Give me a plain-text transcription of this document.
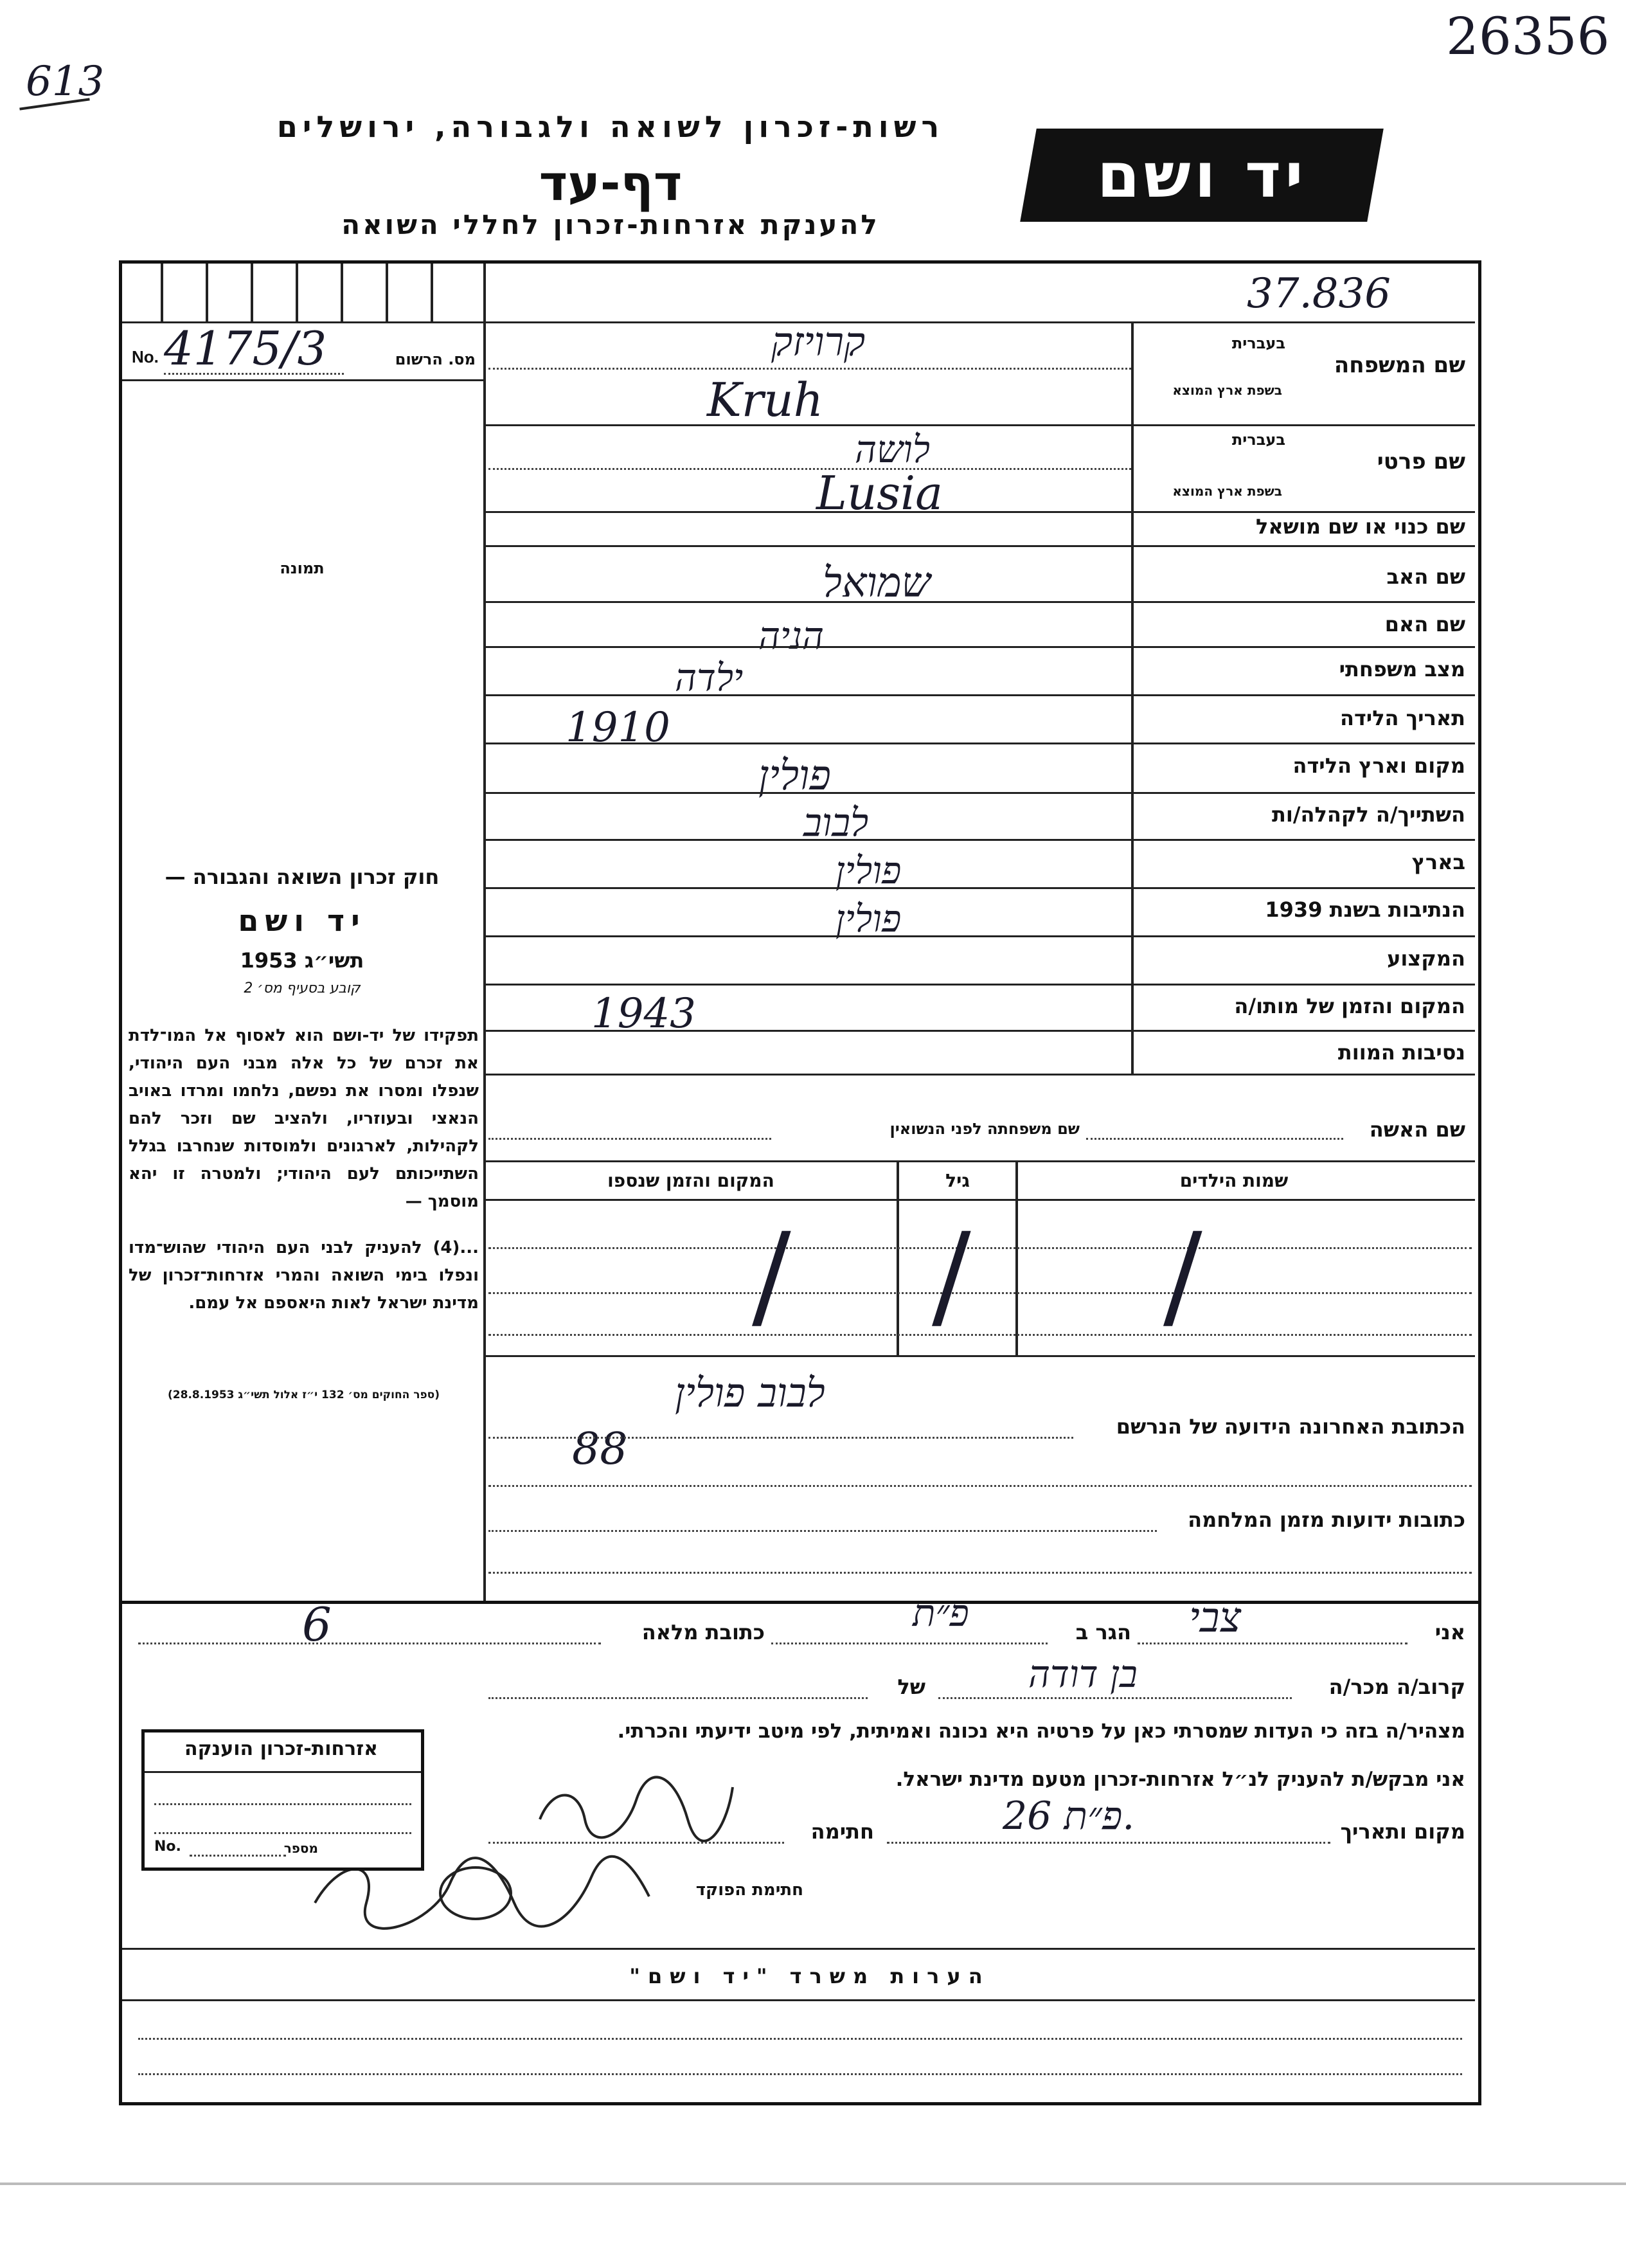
26356
613
רשות-זכרון לשואה ולגבורה, ירושלים
דף-עד
להענקת אזרחות-זכרון לחללי השואה
יד ושם
37.836
No. 4175/3	מס. הרשום
תמונה
שם המשפחה
בעברית
בשפת ארץ המוצא
קרויזק
Kruh
שם פרטי
בעברית
בשפת ארץ המוצא
לושה
Lusia
שם כנוי או שם מושאל
שם האב
שמואל
שם האם
הניה
מצב משפחתי
ילדה
תאריך הלידה
1910
מקום וארץ הלידה
פולין
השתייך/ה לקהלה/ות
לבוב
בארץ
פולין
הנתיבות בשנת 1939
פולין
המקצוע
המקום והזמן של מותו/ה
1943
נסיבות המוות
חוק זכרון השואה והגבורה —
יד ושם
תשי״ג 1953
קובע בסעיף מס׳ 2
תפקידו של יד-ושם הוא לאסוף אל המו־לדת את זכרם של כל אלה מבני העם היהודי, שנפלו ומסרו את נפשם, נלחמו ומרדו באויב הנאצי ובעוזריו, ולהציב שם וזכר להם לקהילות, לארגונים ולמוסדות שנחרבו בגלל השתייכותם לעם היהודי; ולמטרה זו יהא מוסמך —
...(4) להעניק לבני העם היהודי שהוש־מדו ונפלו בימי השואה והמרי אזרחות־זכרון של מדינת ישראל לאות היאספם אל עמם.
(ספר החוקים מס׳ 132 י״ז אלול תשי״ג 28.8.1953)
שם האשה
שם משפחתה לפני הנשואין
שמות הילדים
גיל
המקום והזמן שנספו
/
/
/
הכתובת האחרונה הידועה של הנרשם
לבוב פולין
88
כתובות ידועות מזמן המלחמה
אני
צבי
הגר ב
פ״ת
כתובת מלאה
6
קרוב/ה מכר/ה
בן דודה
של
מצהיר/ה בזה כי העדות שמסרתי כאן על פרטיה היא נכונה ואמיתית, לפי מיטב ידיעתי והכרתי.
אני מבקש/ת להעניק לנ״ל אזרחות-זכרון מטעם מדינת ישראל.
מקום ותאריך
פ״ת 26.
חתימה
חתימת הפוקד
אזרחות-זכרון הוענקה
No.	מספר
הערות משרד "יד ושם"
